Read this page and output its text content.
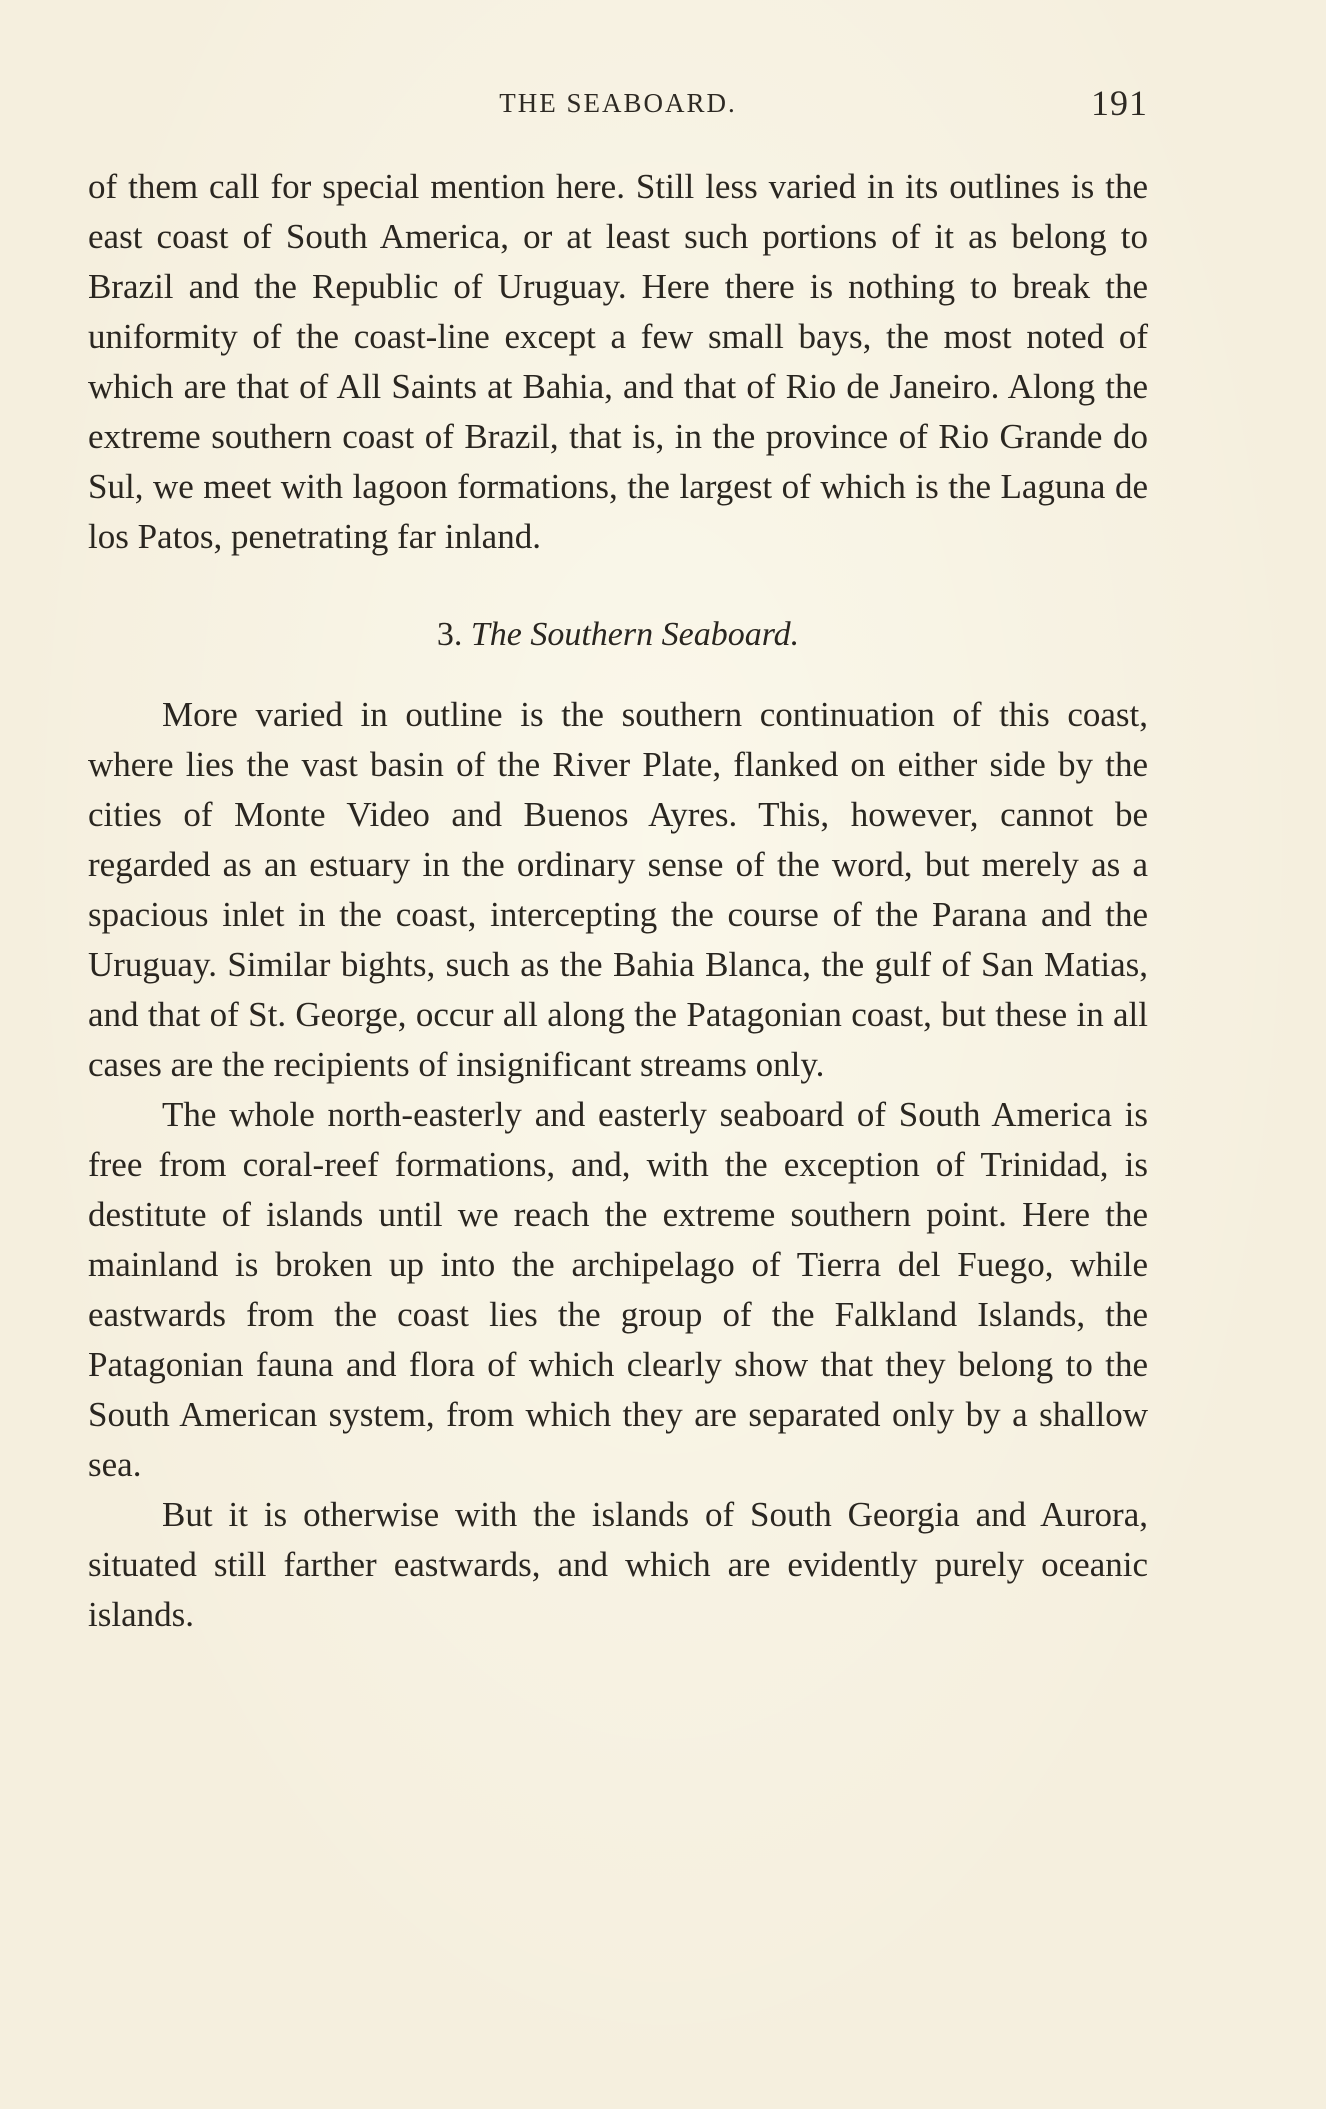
THE SEABOARD.	191

of them call for special mention here. Still less varied in its outlines is the east coast of South America, or at least such portions of it as belong to Brazil and the Republic of Uruguay. Here there is nothing to break the uniformity of the coast-line except a few small bays, the most noted of which are that of All Saints at Bahia, and that of Rio de Janeiro. Along the extreme southern coast of Brazil, that is, in the province of Rio Grande do Sul, we meet with lagoon formations, the largest of which is the Laguna de los Patos, penetrating far inland.

3. The Southern Seaboard.

More varied in outline is the southern continuation of this coast, where lies the vast basin of the River Plate, flanked on either side by the cities of Monte Video and Buenos Ayres. This, however, cannot be regarded as an estuary in the ordinary sense of the word, but merely as a spacious inlet in the coast, intercepting the course of the Parana and the Uruguay. Similar bights, such as the Bahia Blanca, the gulf of San Matias, and that of St. George, occur all along the Patagonian coast, but these in all cases are the recipients of insignificant streams only.

The whole north-easterly and easterly seaboard of South America is free from coral-reef formations, and, with the exception of Trinidad, is destitute of islands until we reach the extreme southern point. Here the mainland is broken up into the archipelago of Tierra del Fuego, while eastwards from the coast lies the group of the Falkland Islands, the Patagonian fauna and flora of which clearly show that they belong to the South American system, from which they are separated only by a shallow sea.

But it is otherwise with the islands of South Georgia and Aurora, situated still farther eastwards, and which are evidently purely oceanic islands.
